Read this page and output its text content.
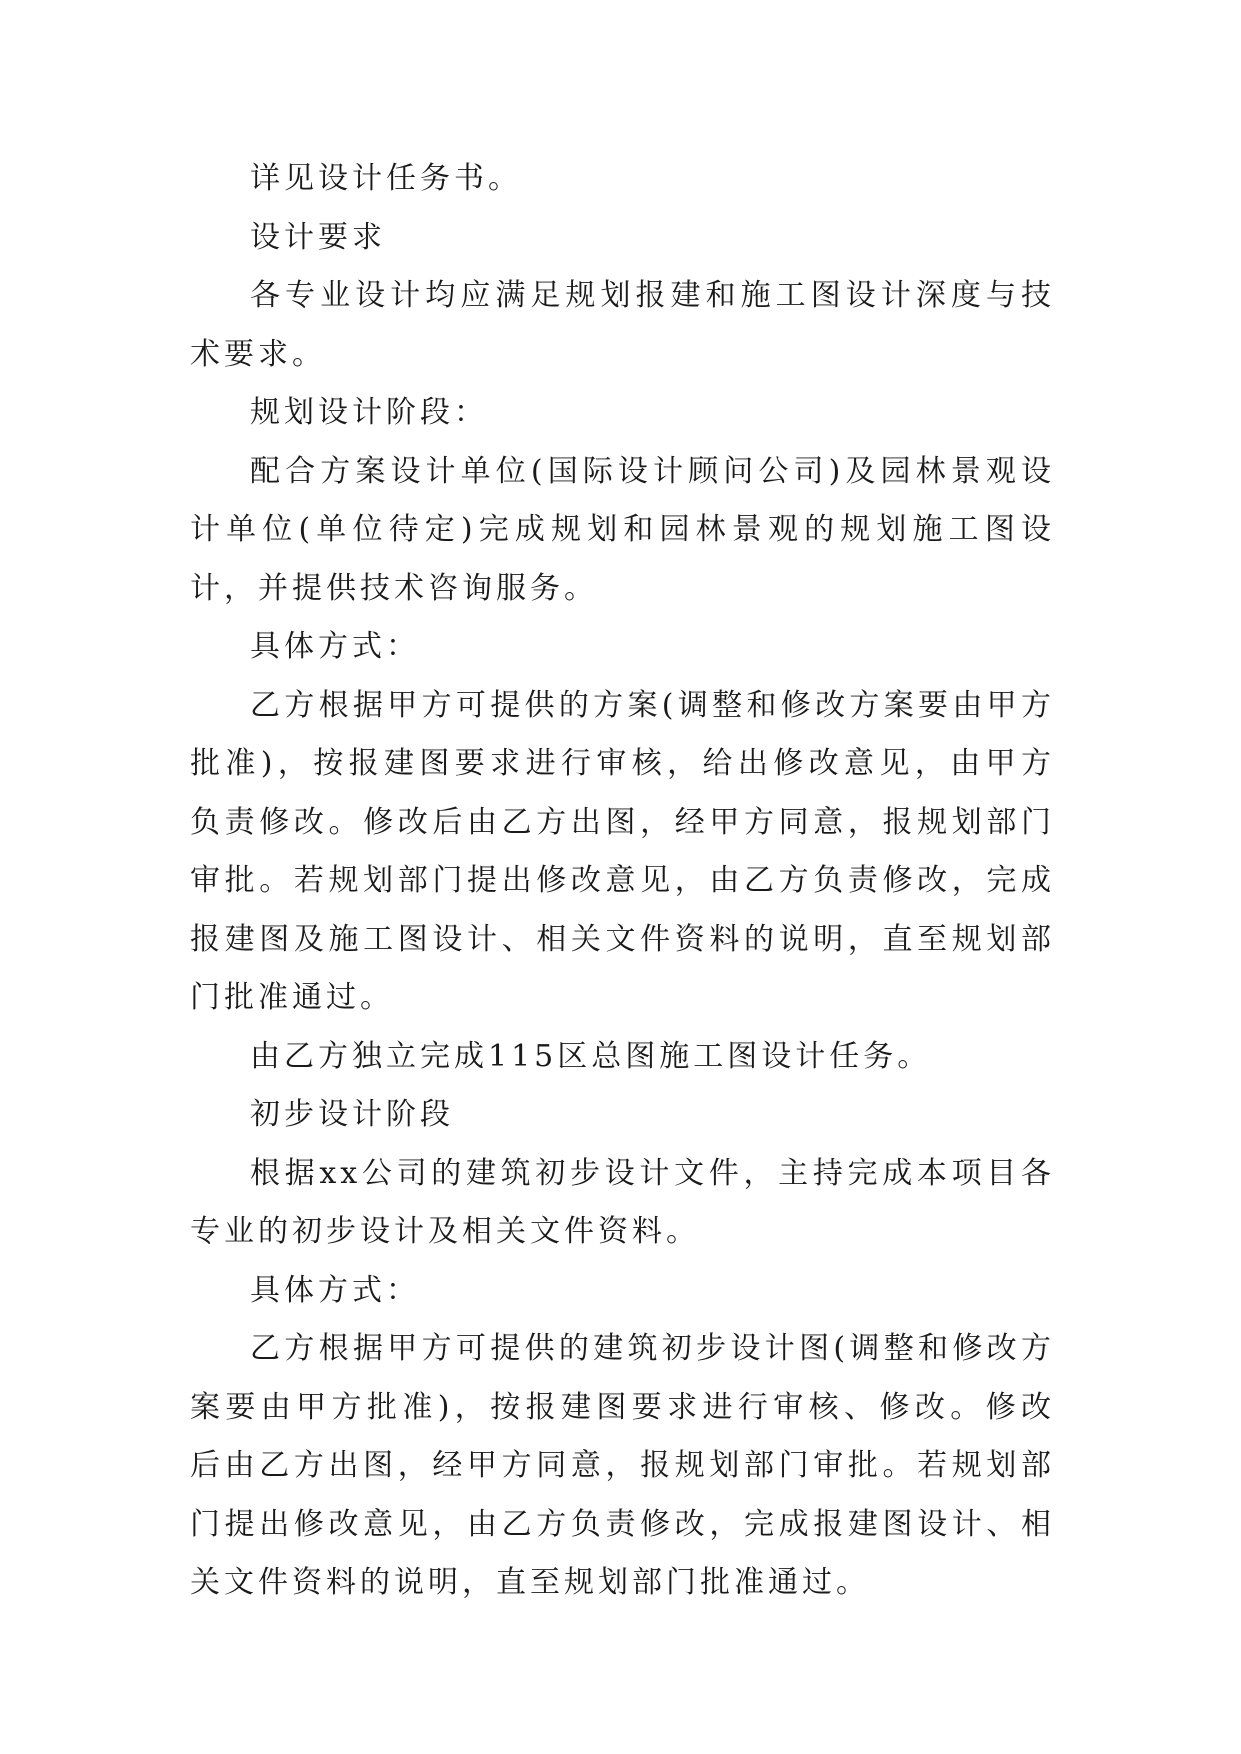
详见设计任务书。

设计要求

各专业设计均应满足规划报建和施工图设计深度与技术要求。

规划设计阶段：

配合方案设计单位(国际设计顾问公司)及园林景观设计单位(单位待定)完成规划和园林景观的规划施工图设计，并提供技术咨询服务。

具体方式：

乙方根据甲方可提供的方案(调整和修改方案要由甲方批准)，按报建图要求进行审核，给出修改意见，由甲方负责修改。修改后由乙方出图，经甲方同意，报规划部门审批。若规划部门提出修改意见，由乙方负责修改，完成报建图及施工图设计、相关文件资料的说明，直至规划部门批准通过。

由乙方独立完成115区总图施工图设计任务。

初步设计阶段

根据xx公司的建筑初步设计文件，主持完成本项目各专业的初步设计及相关文件资料。

具体方式：

乙方根据甲方可提供的建筑初步设计图(调整和修改方案要由甲方批准)，按报建图要求进行审核、修改。修改后由乙方出图，经甲方同意，报规划部门审批。若规划部门提出修改意见，由乙方负责修改，完成报建图设计、相关文件资料的说明，直至规划部门批准通过。
